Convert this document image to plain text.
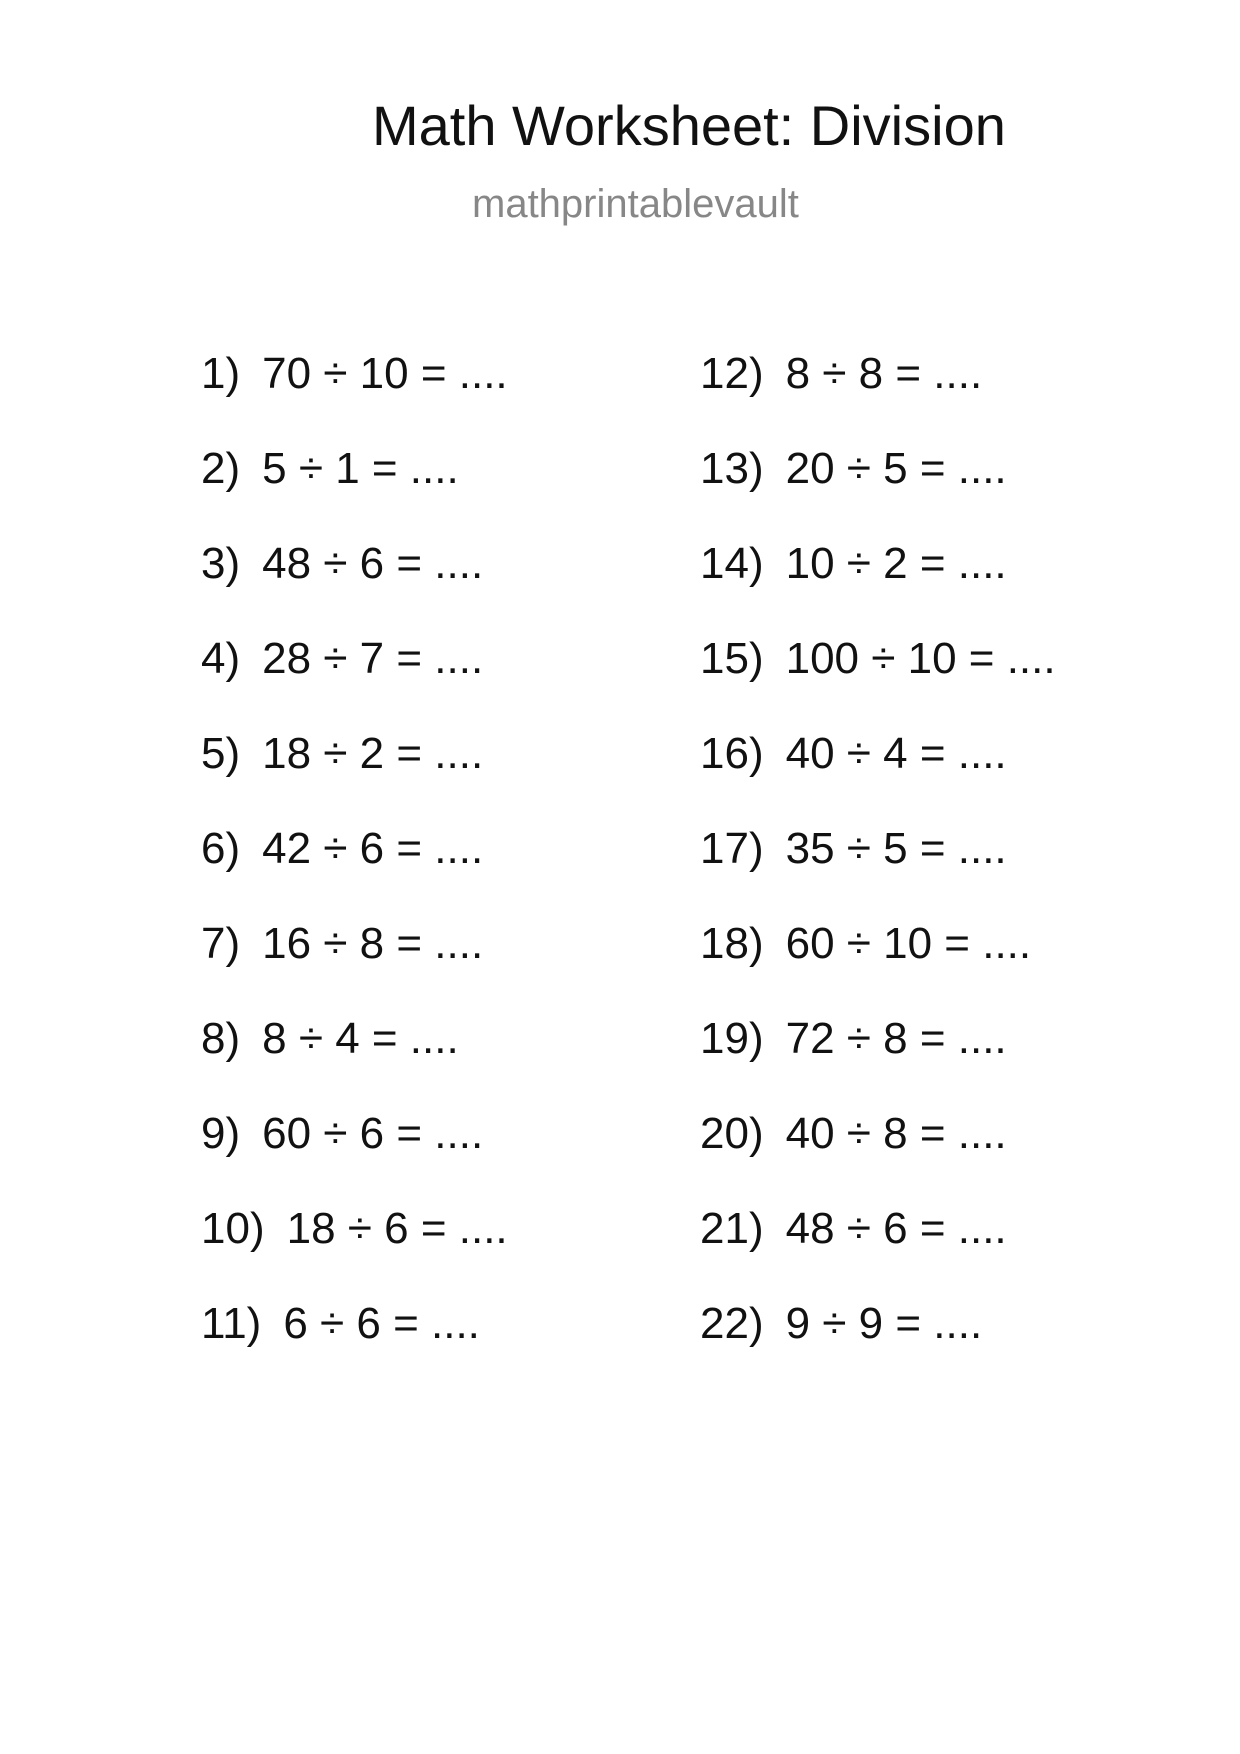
Math Worksheet: Division
mathprintablevault
1) 70 ÷ 10 = ....
2) 5 ÷ 1 = ....
3) 48 ÷ 6 = ....
4) 28 ÷ 7 = ....
5) 18 ÷ 2 = ....
6) 42 ÷ 6 = ....
7) 16 ÷ 8 = ....
8) 8 ÷ 4 = ....
9) 60 ÷ 6 = ....
10) 18 ÷ 6 = ....
11) 6 ÷ 6 = ....
12) 8 ÷ 8 = ....
13) 20 ÷ 5 = ....
14) 10 ÷ 2 = ....
15) 100 ÷ 10 = ....
16) 40 ÷ 4 = ....
17) 35 ÷ 5 = ....
18) 60 ÷ 10 = ....
19) 72 ÷ 8 = ....
20) 40 ÷ 8 = ....
21) 48 ÷ 6 = ....
22) 9 ÷ 9 = ....
